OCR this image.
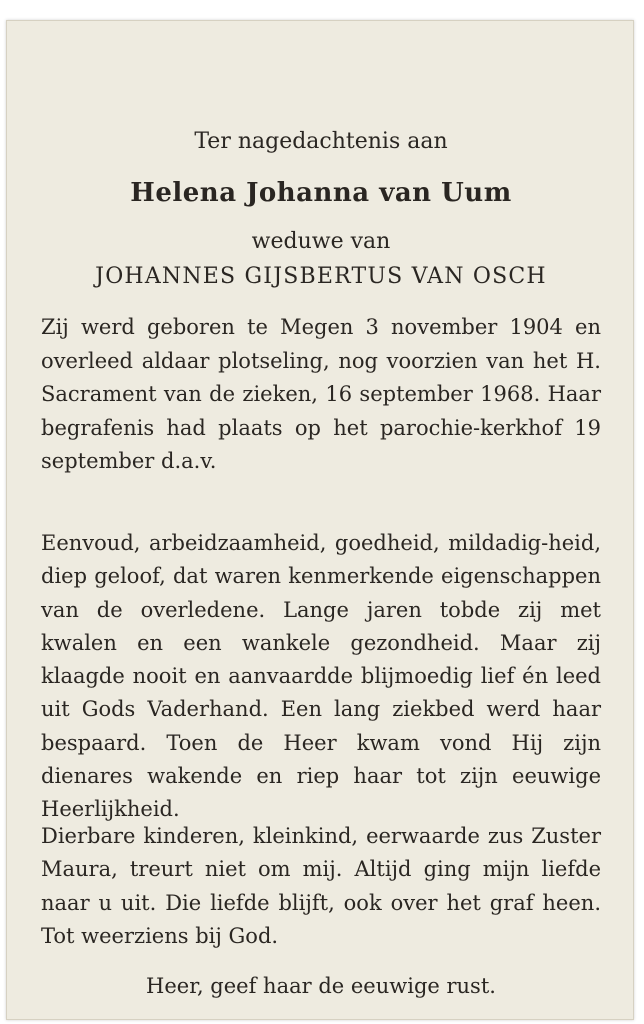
Ter nagedachtenis aan

Helena Johanna van Uum

weduwe van

JOHANNES GIJSBERTUS VAN OSCH

Zij werd geboren te Megen 3 november 1904 en overleed aldaar plotseling, nog voorzien van het H. Sacrament van de zieken, 16 september 1968. Haar begrafenis had plaats op het parochie-kerkhof 19 september d.a.v.

Eenvoud, arbeidzaamheid, goedheid, mildadig-heid, diep geloof, dat waren kenmerkende eigenschappen van de overledene. Lange jaren tobde zij met kwalen en een wankele gezondheid. Maar zij klaagde nooit en aanvaardde blijmoedig lief én leed uit Gods Vaderhand. Een lang ziekbed werd haar bespaard. Toen de Heer kwam vond Hij zijn dienares wakende en riep haar tot zijn eeuwige Heerlijkheid.

Dierbare kinderen, kleinkind, eerwaarde zus Zuster Maura, treurt niet om mij. Altijd ging mijn liefde naar u uit. Die liefde blijft, ook over het graf heen. Tot weerziens bij God.

Heer, geef haar de eeuwige rust.
